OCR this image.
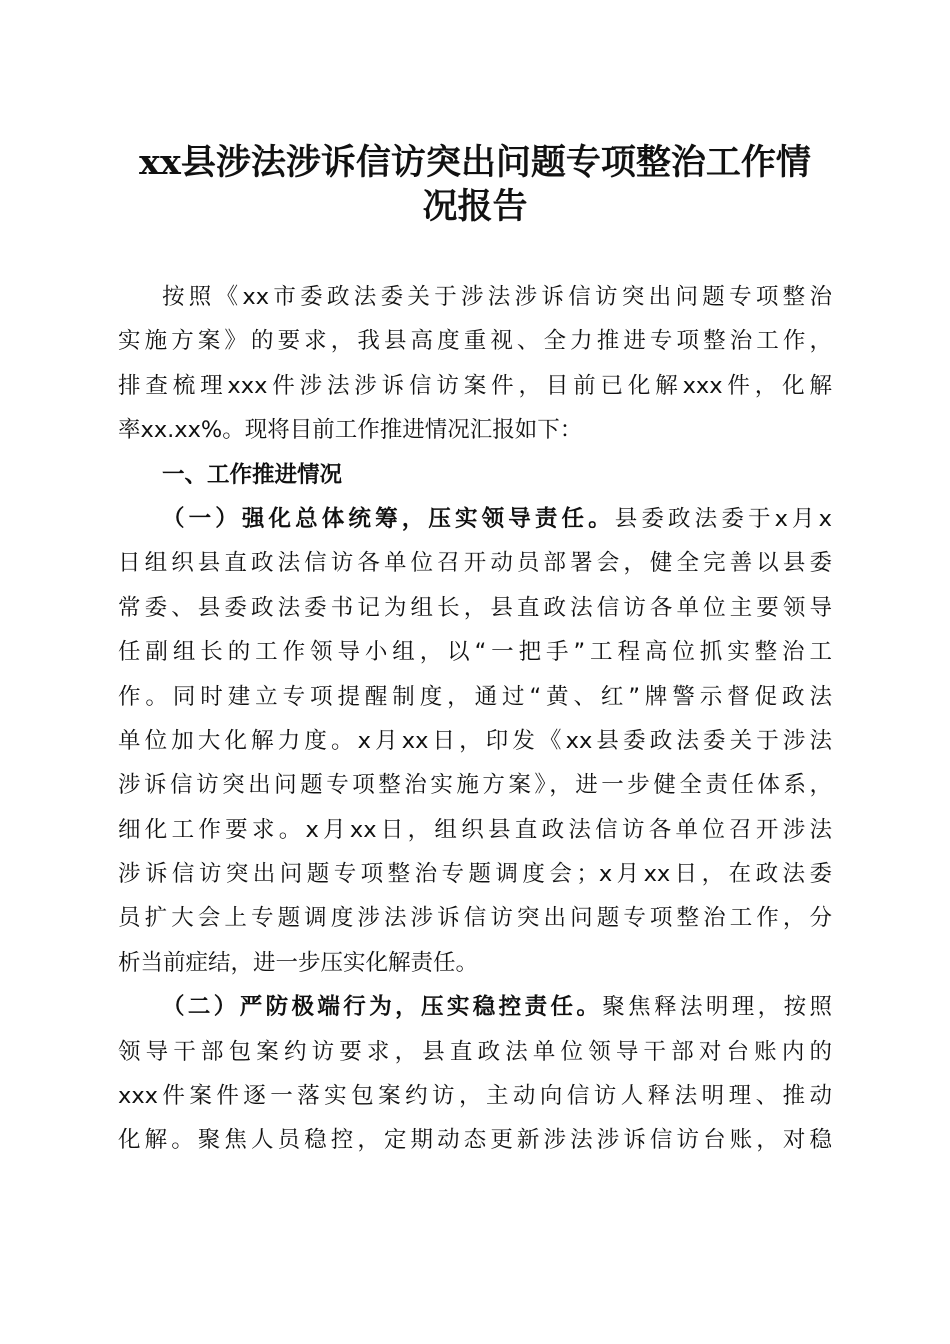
xx县涉法涉诉信访突出问题专项整治工作情
况报告
按照《xx市委政法委关于涉法涉诉信访突出问题专项整治
实施方案》的要求，我县高度重视、全力推进专项整治工作，
排查梳理xxx件涉法涉诉信访案件，目前已化解xxx件，化解
率xx.xx%。现将目前工作推进情况汇报如下：
一、工作推进情况
（一）强化总体统筹，压实领导责任。县委政法委于x月x
日组织县直政法信访各单位召开动员部署会，健全完善以县委
常委、县委政法委书记为组长，县直政法信访各单位主要领导
任副组长的工作领导小组，以“一把手”工程高位抓实整治工
作。同时建立专项提醒制度，通过“黄、红”牌警示督促政法
单位加大化解力度。x月xx日，印发《xx县委政法委关于涉法
涉诉信访突出问题专项整治实施方案》，进一步健全责任体系，
细化工作要求。x月xx日，组织县直政法信访各单位召开涉法
涉诉信访突出问题专项整治专题调度会；x月xx日，在政法委
员扩大会上专题调度涉法涉诉信访突出问题专项整治工作，分
析当前症结，进一步压实化解责任。
（二）严防极端行为，压实稳控责任。聚焦释法明理，按照
领导干部包案约访要求，县直政法单位领导干部对台账内的
xxx件案件逐一落实包案约访，主动向信访人释法明理、推动
化解。聚焦人员稳控，定期动态更新涉法涉诉信访台账，对稳
